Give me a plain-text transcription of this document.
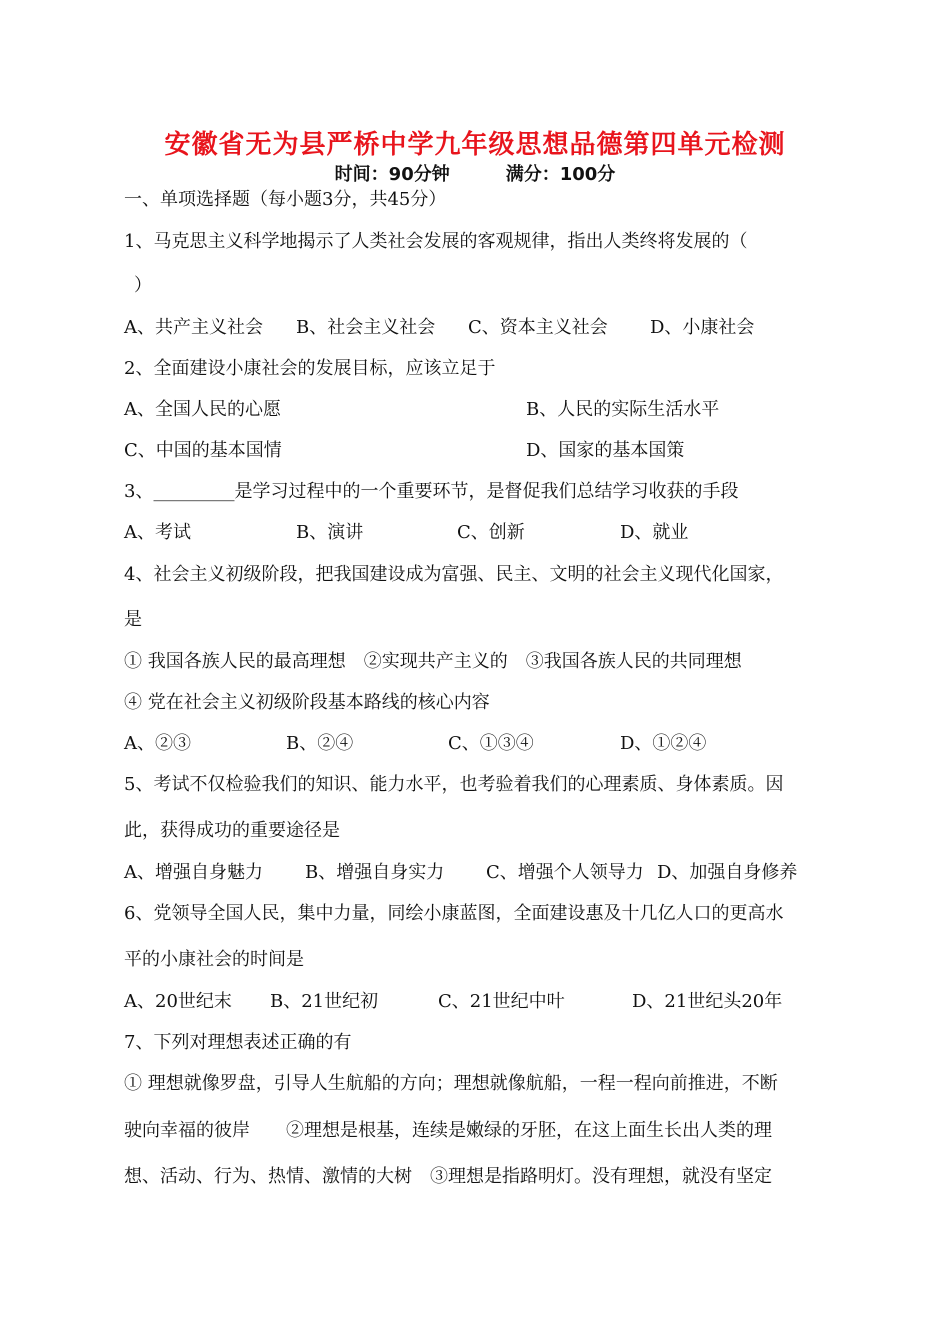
安徽省无为县严桥中学九年级思想品德第四单元检测
时间：90分钟	满分：100分
一、单项选择题（每小题3分，共45分）
1、马克思主义科学地揭示了人类社会发展的客观规律，指出人类终将发展的（
）
A、共产主义社会 B、社会主义社会 C、资本主义社会 D、小康社会
2、全面建设小康社会的发展目标，应该立足于
A、全国人民的心愿	B、人民的实际生活水平
C、中国的基本国情	D、国家的基本国策
3、_________是学习过程中的一个重要环节，是督促我们总结学习收获的手段
A、考试	B、演讲	C、创新	D、就业
4、社会主义初级阶段，把我国建设成为富强、民主、文明的社会主义现代化国家，
是
① 我国各族人民的最高理想　②实现共产主义的　③我国各族人民的共同理想
④ 党在社会主义初级阶段基本路线的核心内容
A、②③	B、②④	C、①③④	D、①②④
5、考试不仅检验我们的知识、能力水平，也考验着我们的心理素质、身体素质。因
此，获得成功的重要途径是
A、增强自身魅力 B、增强自身实力 C、增强个人领导力 D、加强自身修养
6、党领导全国人民，集中力量，同绘小康蓝图，全面建设惠及十几亿人口的更高水
平的小康社会的时间是
A、20世纪末 B、21世纪初	C、21世纪中叶	D、21世纪头20年
7、下列对理想表述正确的有
① 理想就像罗盘，引导人生航船的方向；理想就像航船，一程一程向前推进，不断
驶向幸福的彼岸　　②理想是根基，连续是嫩绿的牙胚，在这上面生长出人类的理
想、活动、行为、热情、激情的大树　③理想是指路明灯。没有理想，就没有坚定
